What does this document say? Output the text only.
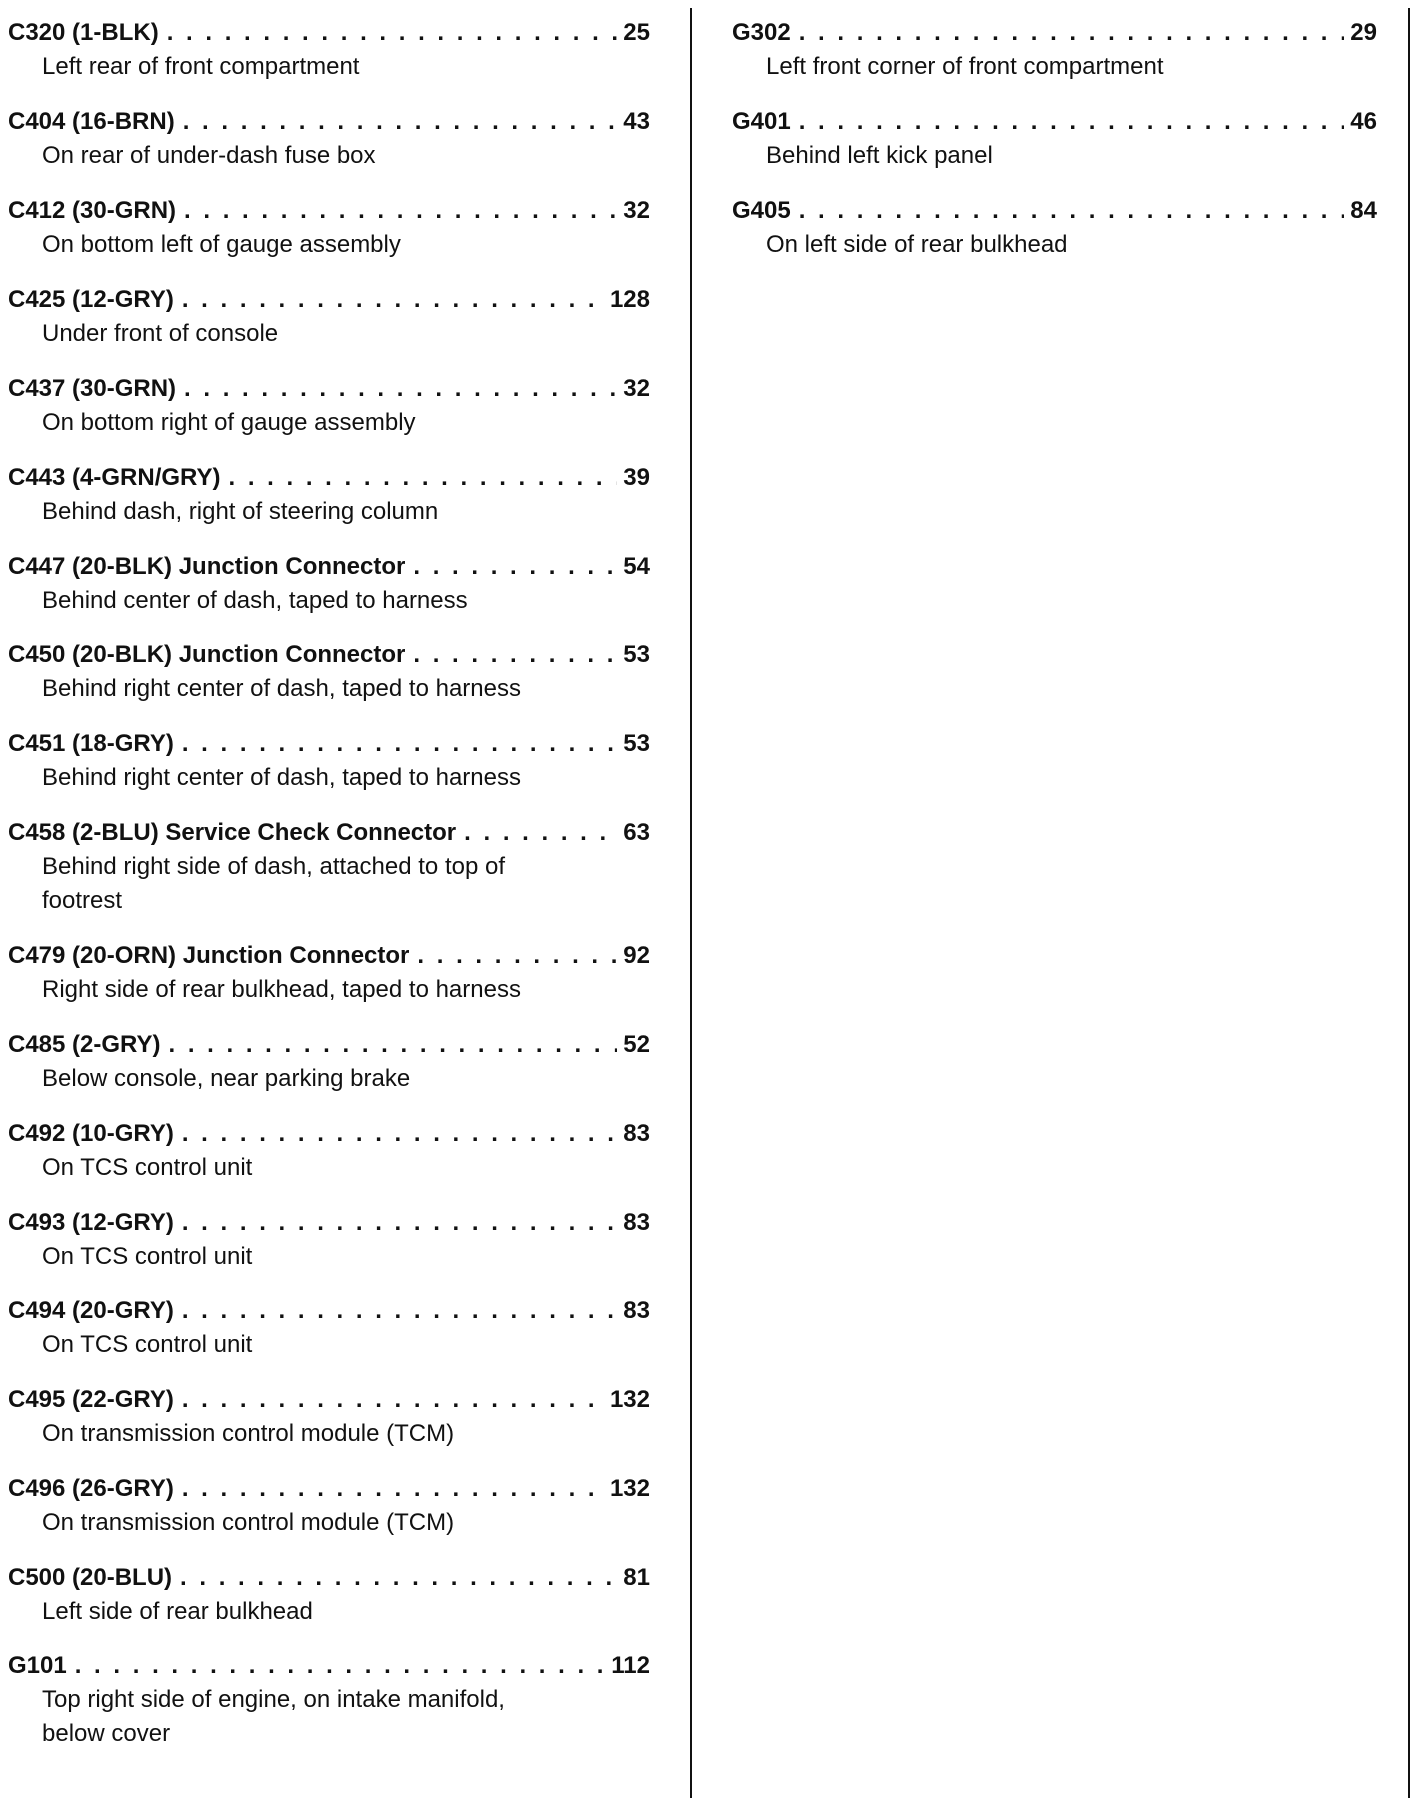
C320 (1-BLK) . . .	25
Left rear of front compartment
C404 (16-BRN) . . .	43
On rear of under-dash fuse box
C412 (30-GRN) . . .	32
On bottom left of gauge assembly
C425 (12-GRY) . . .	128
Under front of console
C437 (30-GRN) . . .	32
On bottom right of gauge assembly
C443 (4-GRN/GRY) . . .	39
Behind dash, right of steering column
C447 (20-BLK) Junction Connector . . .	54
Behind center of dash, taped to harness
C450 (20-BLK) Junction Connector . . .	53
Behind right center of dash, taped to harness
C451 (18-GRY) . . .	53
Behind right center of dash, taped to harness
C458 (2-BLU) Service Check Connector . . .	63
Behind right side of dash, attached to top of
footrest
C479 (20-ORN) Junction Connector . . .	92
Right side of rear bulkhead, taped to harness
C485 (2-GRY) . . .	52
Below console, near parking brake
C492 (10-GRY) . . .	83
On TCS control unit
C493 (12-GRY) . . .	83
On TCS control unit
C494 (20-GRY) . . .	83
On TCS control unit
C495 (22-GRY) . . .	132
On transmission control module (TCM)
C496 (26-GRY) . . .	132
On transmission control module (TCM)
C500 (20-BLU) . . .	81
Left side of rear bulkhead
G101 . . .	112
Top right side of engine, on intake manifold,
below cover
G302 . . .	29
Left front corner of front compartment
G401 . . .	46
Behind left kick panel
G405 . . .	84
On left side of rear bulkhead
